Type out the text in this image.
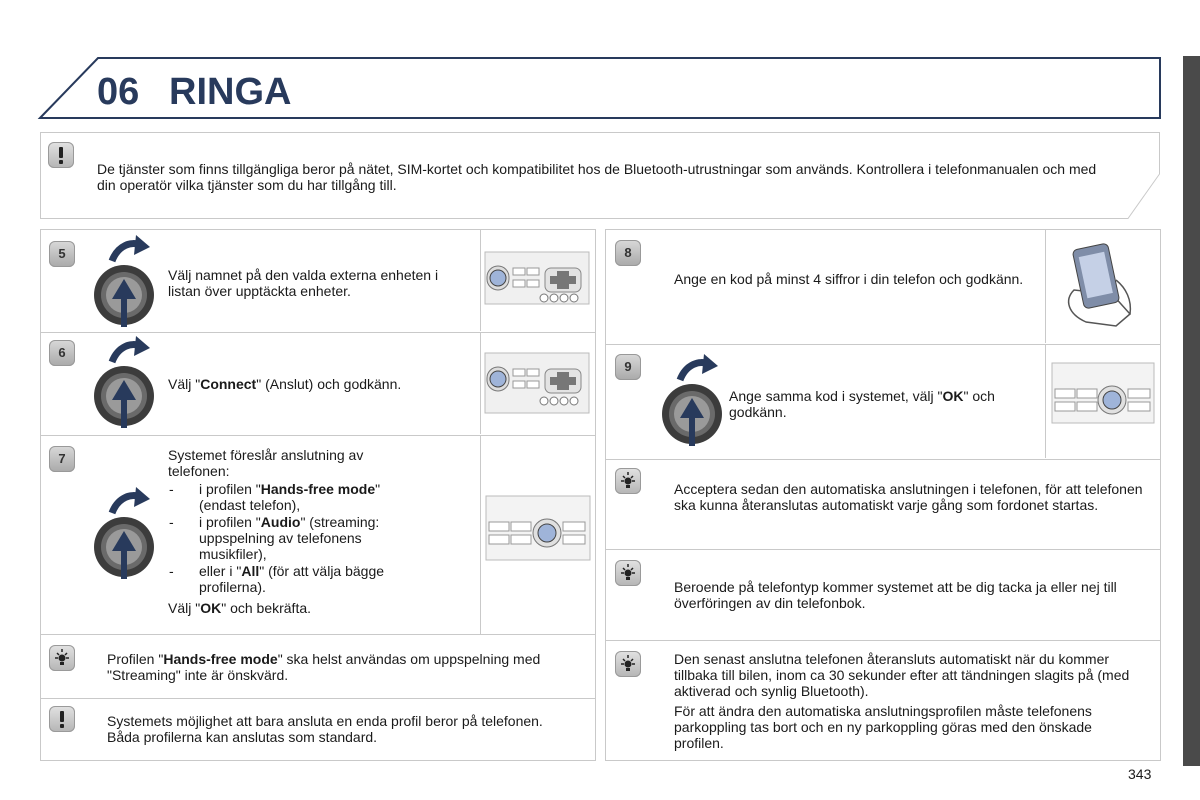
06 RINGA
De tjänster som finns tillgängliga beror på nätet, SIM-kortet och kompatibilitet hos de Bluetooth-utrustningar som används. Kontrollera i telefonmanualen och med din operatör vilka tjänster som du har tillgång till.
5
Välj namnet på den valda externa enheten i listan över upptäckta enheter.
6
Välj "Connect" (Anslut) och godkänn.
7	Systemet föreslår anslutning av telefonen:
- i profilen "Hands-free mode" (endast telefon),
- i profilen "Audio" (streaming: uppspelning av telefonens musikfiler),
- eller i "All" (för att välja bägge profilerna).
Välj "OK" och bekräfta.
Profilen "Hands-free mode" ska helst användas om uppspelning med "Streaming" inte är önskvärd.
Systemets möjlighet att bara ansluta en enda profil beror på telefonen. Båda profilerna kan anslutas som standard.
8
Ange en kod på minst 4 siffror i din telefon och godkänn.
9
Ange samma kod i systemet, välj "OK" och godkänn.
Acceptera sedan den automatiska anslutningen i telefonen, för att telefonen ska kunna återanslutas automatiskt varje gång som fordonet startas.
Beroende på telefontyp kommer systemet att be dig tacka ja eller nej till överföringen av din telefonbok.
Den senast anslutna telefonen återansluts automatiskt när du kommer tillbaka till bilen, inom ca 30 sekunder efter att tändningen slagits på (med aktiverad och synlig Bluetooth).
För att ändra den automatiska anslutningsprofilen måste telefonens parkoppling tas bort och en ny parkoppling göras med den önskade profilen.
343
